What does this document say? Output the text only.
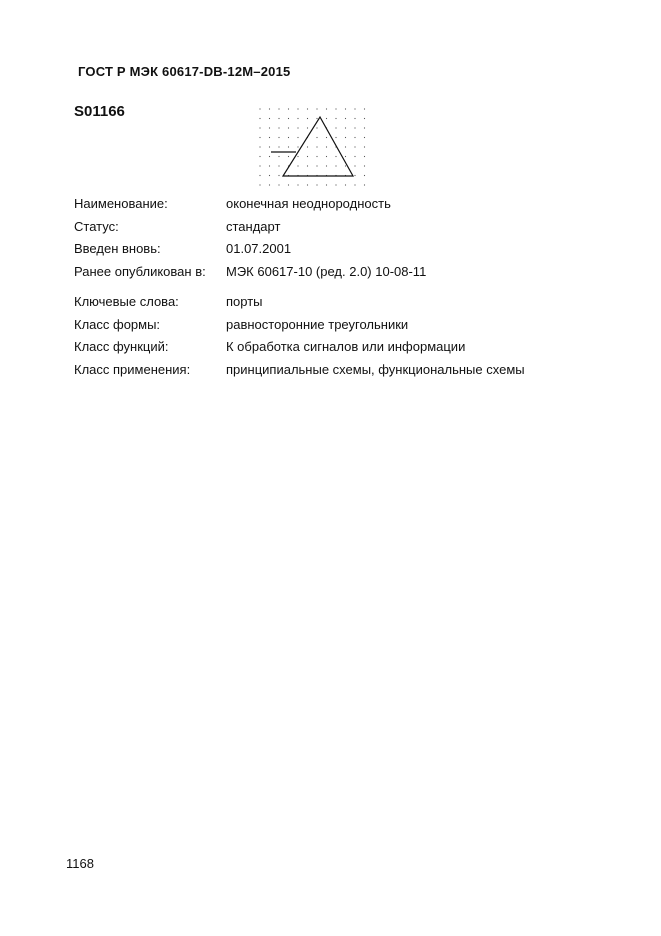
ГОСТ Р МЭК 60617-DB-12M–2015
S01166
Наименование:	оконечная неоднородность
Статус:	стандарт
Введен вновь:	01.07.2001
Ранее опубликован в:	МЭК 60617-10 (ред. 2.0) 10-08-11
Ключевые слова:	порты
Класс формы:	равносторонние треугольники
Класс функций:	К обработка сигналов или информации
Класс применения:	принципиальные схемы, функциональные схемы
1168
